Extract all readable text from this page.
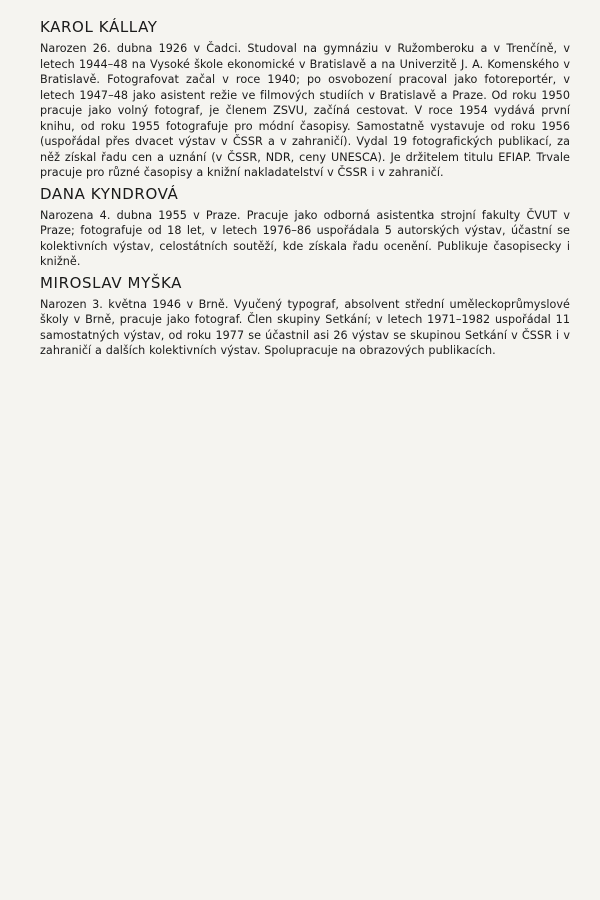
KAROL KÁLLAY

Narozen 26. dubna 1926 v Čadci. Studoval na gymnáziu v Ružomberoku a v Trenčíně, v letech 1944–48 na Vysoké škole ekonomické v Bratislavě a na Univerzitě J. A. Komenského v Bratislavě. Fotografovat začal v roce 1940; po osvobození pracoval jako fotoreportér, v letech 1947–48 jako asistent režie ve filmových studiích v Bratislavě a Praze. Od roku 1950 pracuje jako volný fotograf, je členem ZSVU, začíná cestovat. V roce 1954 vydává první knihu, od roku 1955 fotografuje pro módní časopisy. Samostatně vystavuje od roku 1956 (uspořádal přes dvacet výstav v ČSSR a v zahraničí). Vydal 19 fotografických publikací, za něž získal řadu cen a uznání (v ČSSR, NDR, ceny UNESCA). Je držitelem titulu EFIAP. Trvale pracuje pro různé časopisy a knižní nakladatelství v ČSSR i v zahraničí.

DANA KYNDROVÁ

Narozena 4. dubna 1955 v Praze. Pracuje jako odborná asistentka strojní fakulty ČVUT v Praze; fotografuje od 18 let, v letech 1976–86 uspořádala 5 autorských výstav, účastní se kolektivních výstav, celostátních soutěží, kde získala řadu ocenění. Publikuje časopisecky i knižně.

MIROSLAV MYŠKA

Narozen 3. května 1946 v Brně. Vyučený typograf, absolvent střední uměleckoprůmyslové školy v Brně, pracuje jako fotograf. Člen skupiny Setkání; v letech 1971–1982 uspořádal 11 samostatných výstav, od roku 1977 se účastnil asi 26 výstav se skupinou Setkání v ČSSR i v zahraničí a dalších kolektivních výstav. Spolupracuje na obrazových publikacích.
